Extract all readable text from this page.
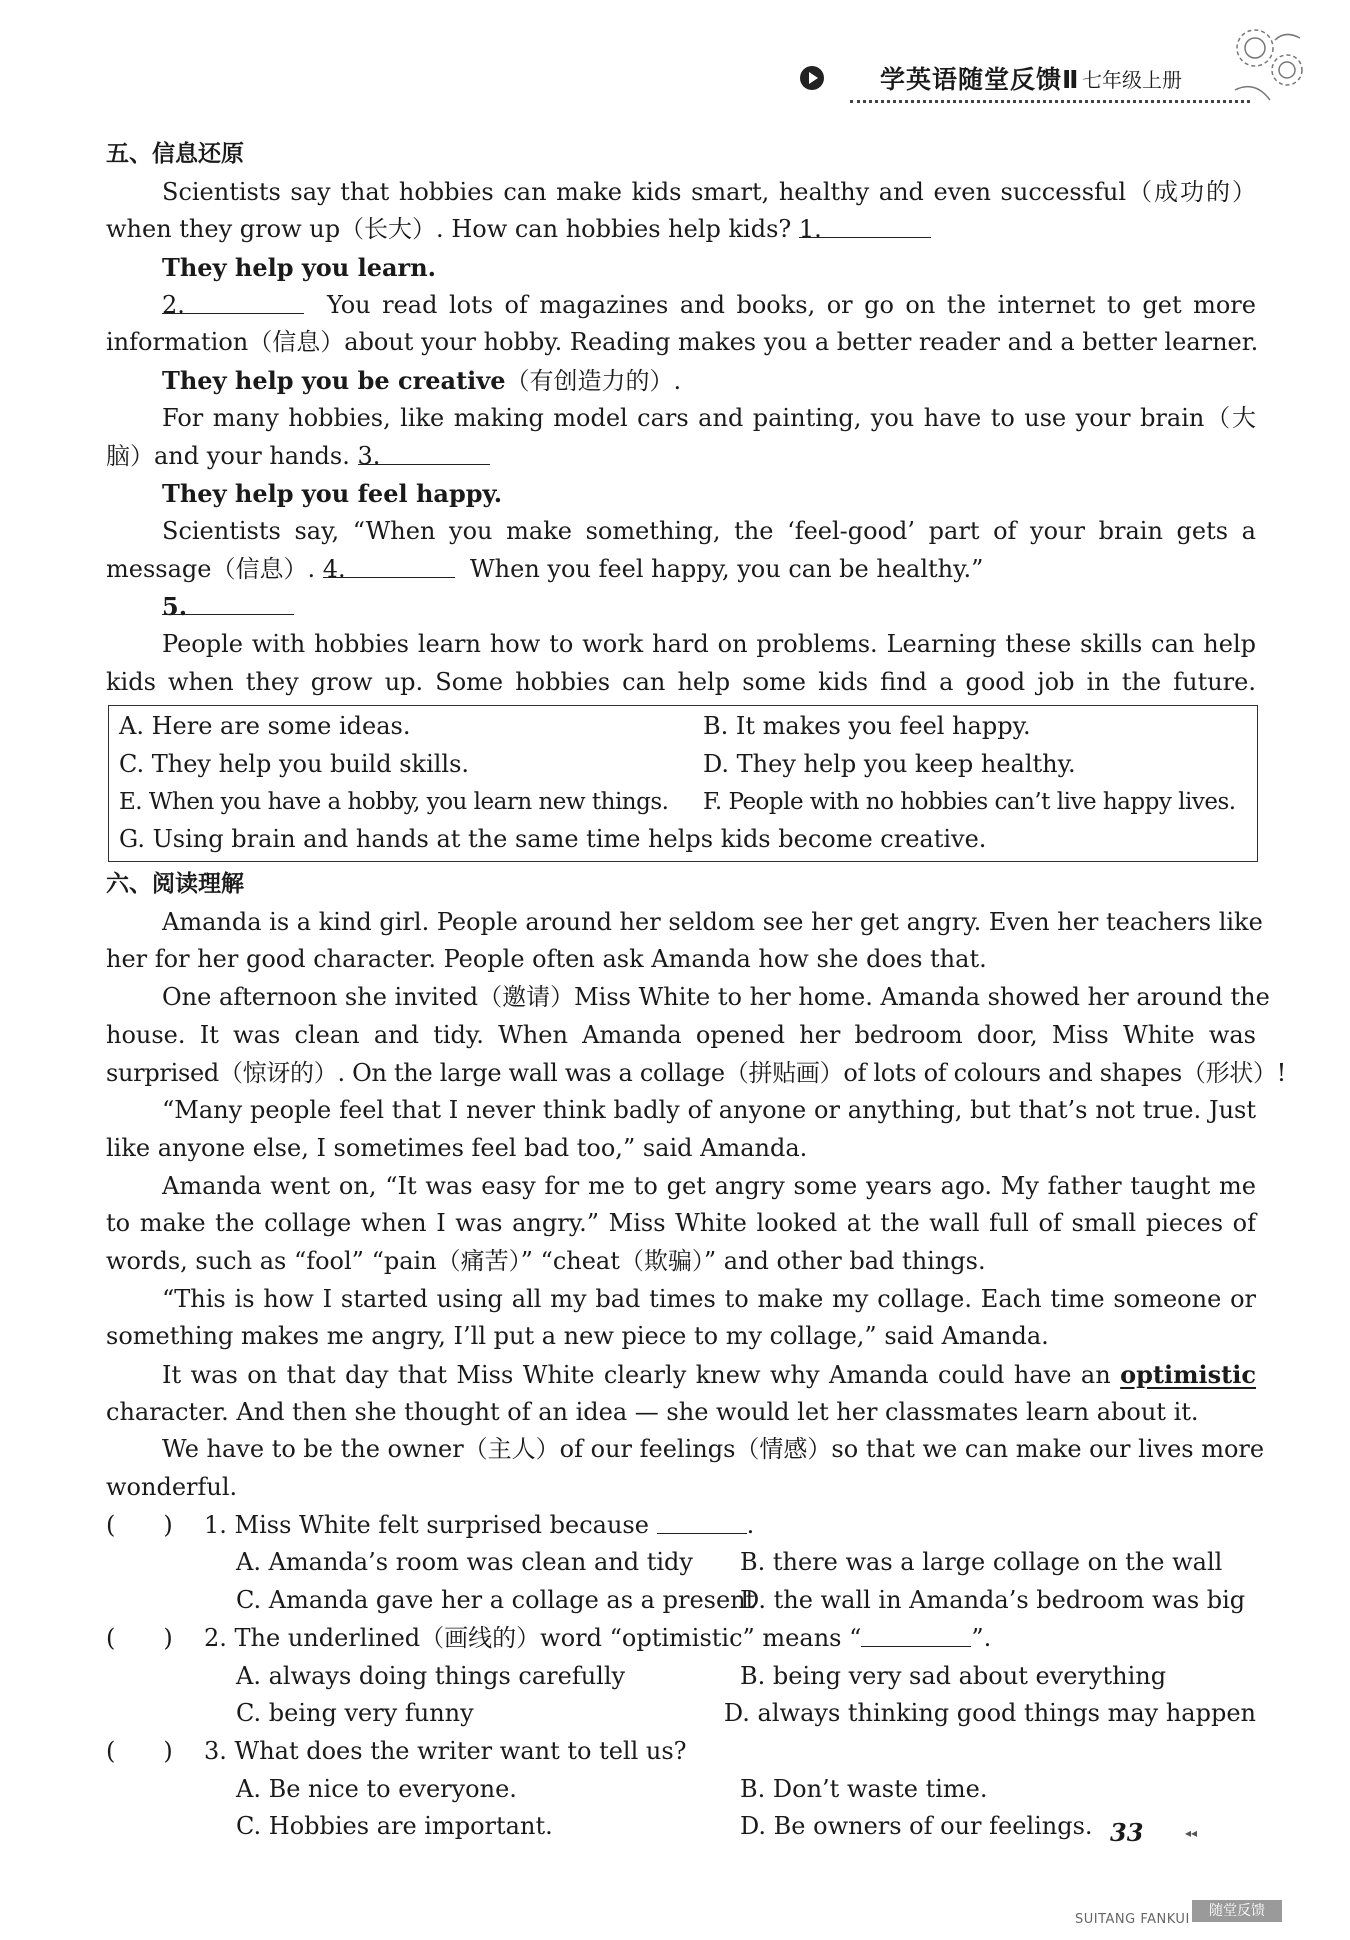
学英语随堂反馈Ⅱ 七年级上册
五、信息还原
Scientists say that hobbies can make kids smart, healthy and even successful（成功的）
when they grow up（长大）. How can hobbies help kids? 1.
They help you learn.
2.	You read lots of magazines and books, or go on the internet to get more
information（信息）about your hobby. Reading makes you a better reader and a better learner.
They help you be creative（有创造力的）.
For many hobbies, like making model cars and painting, you have to use your brain（大
脑）and your hands. 3.
They help you feel happy.
Scientists say, “When you make something, the ‘feel-good’ part of your brain gets a
message（信息）. 4.	When you feel happy, you can be healthy.”
5.
People with hobbies learn how to work hard on problems. Learning these skills can help
kids when they grow up. Some hobbies can help some kids find a good job in the future.
A. Here are some ideas.	B. It makes you feel happy.
C. They help you build skills.	D. They help you keep healthy.
E. When you have a hobby, you learn new things.	F. People with no hobbies can’t live happy lives.
G. Using brain and hands at the same time helps kids become creative.
六、阅读理解
Amanda is a kind girl. People around her seldom see her get angry. Even her teachers like
her for her good character. People often ask Amanda how she does that.
One afternoon she invited（邀请）Miss White to her home. Amanda showed her around the
house. It was clean and tidy. When Amanda opened her bedroom door, Miss White was
surprised（惊讶的）. On the large wall was a collage（拼贴画）of lots of colours and shapes（形状）!
“Many people feel that I never think badly of anyone or anything, but that’s not true. Just
like anyone else, I sometimes feel bad too,” said Amanda.
Amanda went on, “It was easy for me to get angry some years ago. My father taught me
to make the collage when I was angry.” Miss White looked at the wall full of small pieces of
words, such as “fool” “pain（痛苦）” “cheat（欺骗）” and other bad things.
“This is how I started using all my bad times to make my collage. Each time someone or
something makes me angry, I’ll put a new piece to my collage,” said Amanda.
It was on that day that Miss White clearly knew why Amanda could have an optimistic
character. And then she thought of an idea — she would let her classmates learn about it.
We have to be the owner（主人）of our feelings（情感）so that we can make our lives more
wonderful.
(　　)	1. Miss White felt surprised because
	.
A. Amanda’s room was clean and tidy	B. there was a large collage on the wall
C. Amanda gave her a collage as a present
D. the wall in Amanda’s bedroom was big
(　　)	2. The underlined（画线的）word “optimistic” means “	”.
A. always doing things carefully	B. being very sad about everything
C. being very funny	D. always thinking good things may happen
(　　)	3. What does the writer want to tell us?
A. Be nice to everyone.	B. Don’t waste time.
C. Hobbies are important.	D. Be owners of our feelings. 33	◂◂
SUITANG FANKUI
随堂反馈
